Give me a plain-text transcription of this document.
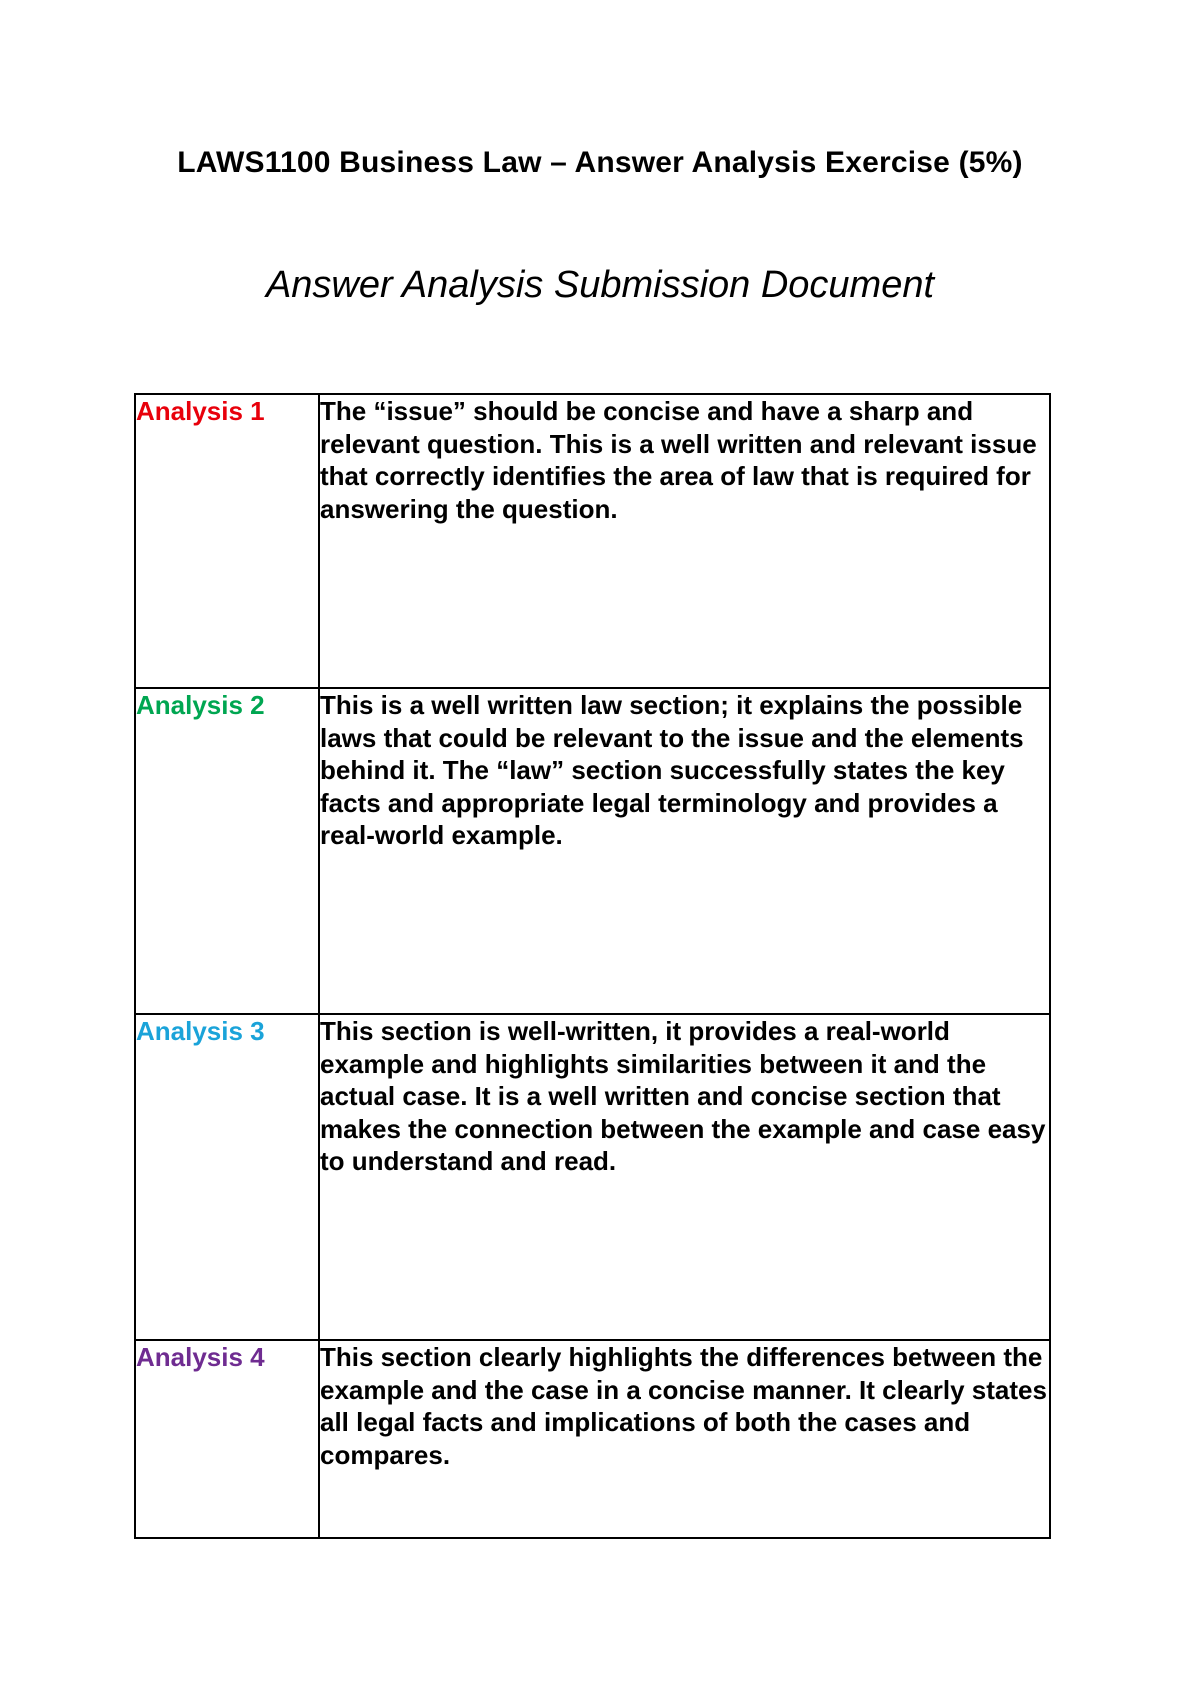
LAWS1100 Business Law – Answer Analysis Exercise (5%)
Answer Analysis Submission Document
Analysis 1	The “issue” should be concise and have a sharp and relevant question. This is a well written and relevant issue that correctly identifies the area of law that is required for answering the question.
Analysis 2	This is a well written law section; it explains the possible laws that could be relevant to the issue and the elements behind it. The “law” section successfully states the key facts and appropriate legal terminology and provides a real-world example.
Analysis 3	This section is well-written, it provides a real-world example and highlights similarities between it and the actual case. It is a well written and concise section that makes the connection between the example and case easy to understand and read.
Analysis 4	This section clearly highlights the differences between the example and the case in a concise manner. It clearly states all legal facts and implications of both the cases and compares.
